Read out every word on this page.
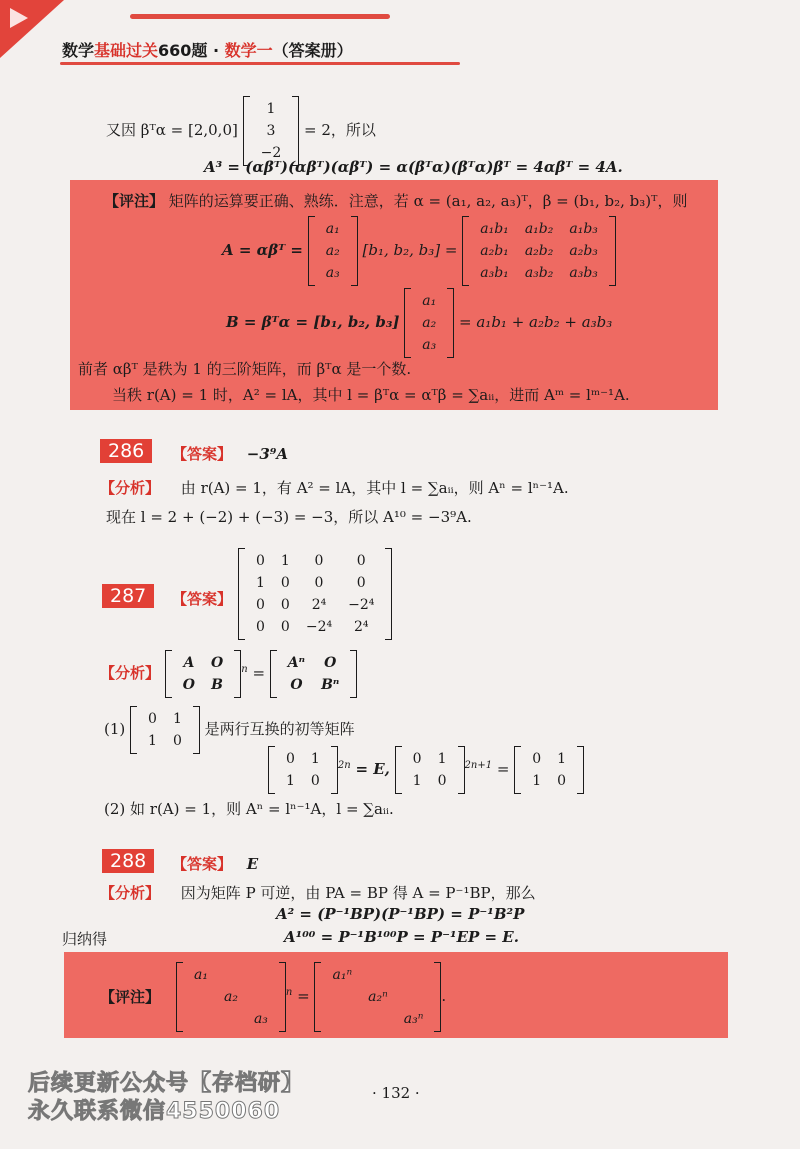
数学基础过关660题 · 数学一（答案册）
又因 βᵀα = [2,0,0]
1
3
−2
= 2，所以
A³ = (αβᵀ)(αβᵀ)(αβᵀ) = α(βᵀα)(βᵀα)βᵀ = 4αβᵀ = 4A.
【评注】 矩阵的运算要正确、熟练．注意，若 α = (a₁, a₂, a₃)ᵀ，β = (b₁, b₂, b₃)ᵀ，则
A = αβᵀ =
a₁
a₂
a₃
[b₁, b₂, b₃] =
a₁b₁	a₁b₂	a₁b₃
a₂b₁	a₂b₂	a₂b₃
a₃b₁	a₃b₂	a₃b₃
B = βᵀα = [b₁, b₂, b₃]
a₁
a₂
a₃
= a₁b₁ + a₂b₂ + a₃b₃
前者 αβᵀ 是秩为 1 的三阶矩阵，而 βᵀα 是一个数.
当秩 r(A) = 1 时，A² = lA，其中 l = βᵀα = αᵀβ = ∑aᵢᵢ，进而 Aᵐ = lᵐ⁻¹A.
286	【答案】 −3⁹A
【分析】 由 r(A) = 1，有 A² = lA，其中 l = ∑aᵢᵢ，则 Aⁿ = lⁿ⁻¹A.
现在 l = 2 + (−2) + (−3) = −3，所以 A¹⁰ = −3⁹A.
287	【答案】
0	1	0	0
1	0	0	0
0	0	2⁴	−2⁴
0	0	−2⁴	2⁴
【分析】
A	O
O	B
$^n$ =
Aⁿ	O
O	Bⁿ
(1)
0	1
1	0
是两行互换的初等矩阵
0	1
1	0
$^{2n}$ = E,
0	1
1	0
$^{2n+1}$ =
0	1
1	0
(2) 如 r(A) = 1，则 Aⁿ = lⁿ⁻¹A，l = ∑aᵢᵢ.
288	【答案】 E
【分析】 因为矩阵 P 可逆，由 PA = BP 得 A = P⁻¹BP，那么
A² = (P⁻¹BP)(P⁻¹BP) = P⁻¹B²P
归纳得	A¹⁰⁰ = P⁻¹B¹⁰⁰P = P⁻¹EP = E.
【评注】
a₁		
	a₂	
		a₃
$^n$ =
a₁ⁿ		
	a₂ⁿ	
		a₃ⁿ
.
后续更新公众号【存档研】
永久联系微信4550060
· 132 ·
